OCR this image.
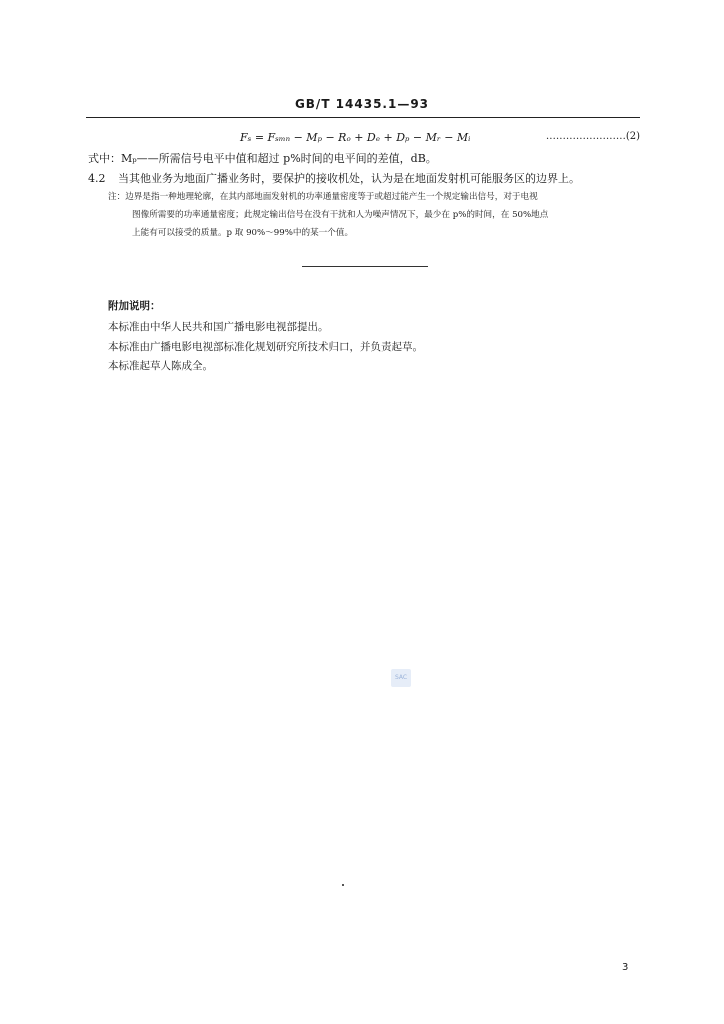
GB/T 14435.1—93
Fₛ = Fₛₘₙ − Mₚ − Rₒ + Dₑ + Dₚ − Mᵣ − Mᵢ	……………………(2)
式中：Mₚ——所需信号电平中值和超过 p%时间的电平间的差值，dB。
4.2 当其他业务为地面广播业务时，要保护的接收机处，认为是在地面发射机可能服务区的边界上。

注：边界是指一种地理轮廓，在其内部地面发射机的功率通量密度等于或超过能产生一个规定输出信号，对于电视

图像所需要的功率通量密度；此规定输出信号在没有干扰和人为噪声情况下，最少在 p%的时间，在 50%地点

上能有可以接受的质量。p 取 90%～99%中的某一个值。

附加说明：

本标准由中华人民共和国广播电影电视部提出。

本标准由广播电影电视部标准化规划研究所技术归口，并负责起草。

本标准起草人陈成全。

SAC
3
